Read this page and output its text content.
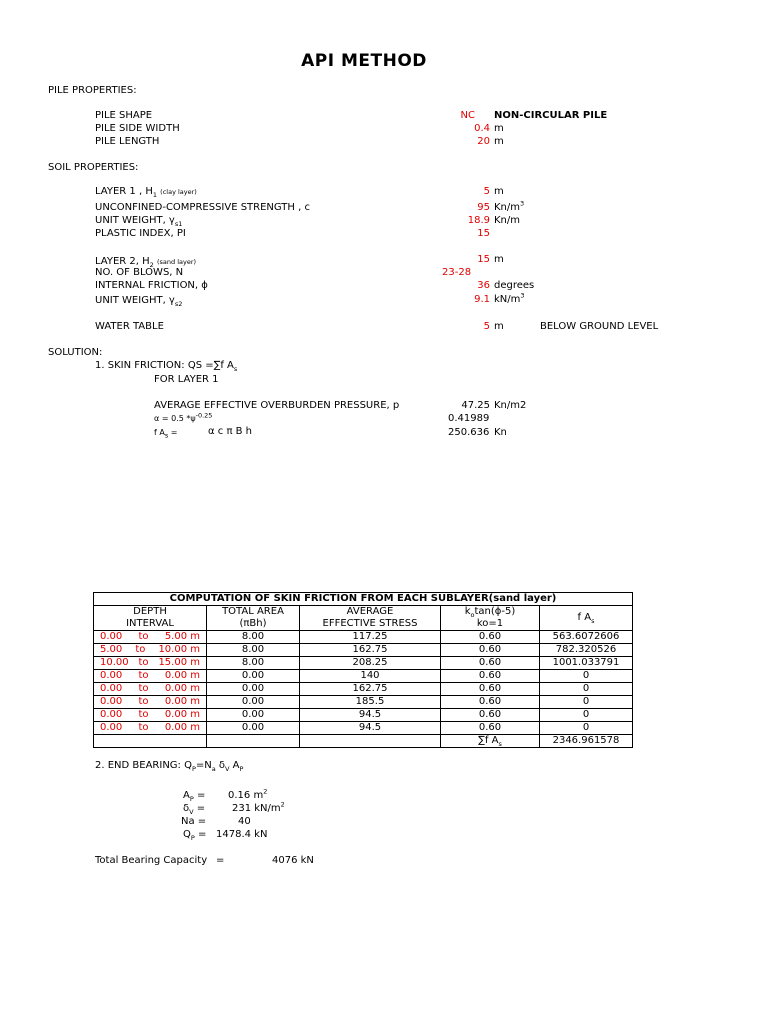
API METHOD
PILE PROPERTIES:
PILE SHAPE	NC NON-CIRCULAR PILE
PILE SIDE WIDTH	0.4 m
PILE LENGTH	20 m
SOIL PROPERTIES:
LAYER 1 , $H_1$ (clay layer)	5 m
UNCONFINED-COMPRESSIVE STRENGTH , c	95 $Kn/m^3$
UNIT WEIGHT, $\gamma_{s1}$	18.9 Kn/m
PLASTIC INDEX, PI	15
LAYER 2, $H_2$ (sand layer)	15 m
NO. OF BLOWS, N	23-28
INTERNAL FRICTION, ϕ	36 degrees
UNIT WEIGHT, $\gamma_{s2}$	9.1 $kN/m^3$
WATER TABLE	5 m	BELOW GROUND LEVEL
SOLUTION:
1. SKIN FRICTION: QS =∑f $A_s$
FOR LAYER 1
AVERAGE EFFECTIVE OVERBURDEN PRESSURE, p	47.25 Kn/m2
α = 0.5 $*\psi^{-0.25}$	0.41989
f $A_s$ =	α c π B h	250.636 Kn
COMPUTATION OF SKIN FRICTION FROM EACH SUBLAYER(sand layer)				
DEPTH	TOTAL AREA	AVERAGE	$k_o\tan(\phi-5)$	f $A_s$
INTERVAL	(πBh)	EFFECTIVE STRESS	ko=1	

0.00 to 5.00 m	8.00	117.25	0.60	563.6072606

5.00 to 10.00 m	8.00	162.75	0.60	782.320526

10.00 to 15.00 m	8.00	208.25	0.60	1001.033791

0.00 to 0.00 m	0.00	140	0.60	0

0.00 to 0.00 m	0.00	162.75	0.60	0

0.00 to 0.00 m	0.00	185.5	0.60	0

0.00 to 0.00 m	0.00	94.5	0.60	0

0.00 to 0.00 m	0.00	94.5	0.60	0
			∑f $A_s$	2346.961578
2. END BEARING: $Q_P=N_a$ $\delta_V$ $A_P$
$A_P = 0.16$ $m^2$
$\delta_V$ =	231 $kN/m^2$
Na =	40
$Q_P = 1478.4$ kN
Total Bearing Capacity =	4076 kN
